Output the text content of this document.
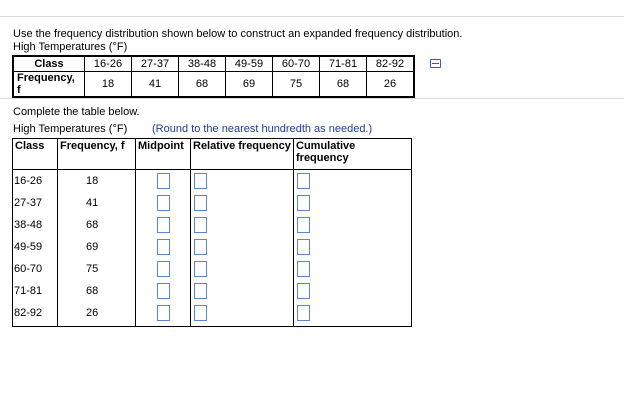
Use the frequency distribution shown below to construct an expanded frequency distribution.
High Temperatures (°F)
Class	16-26	27-37	38-48	49-59	60-70	71-81	82-92
Frequency, f	18	41	68	69	75	68	26
Complete the table below.
High Temperatures (°F) (Round to the nearest hundredth as needed.)
Class	Frequency, f	Midpoint	Relative frequency	Cumulative frequency
16-26	18			
27-37	41			
38-48	68			
49-59	69			
60-70	75			
71-81	68			
82-92	26			
